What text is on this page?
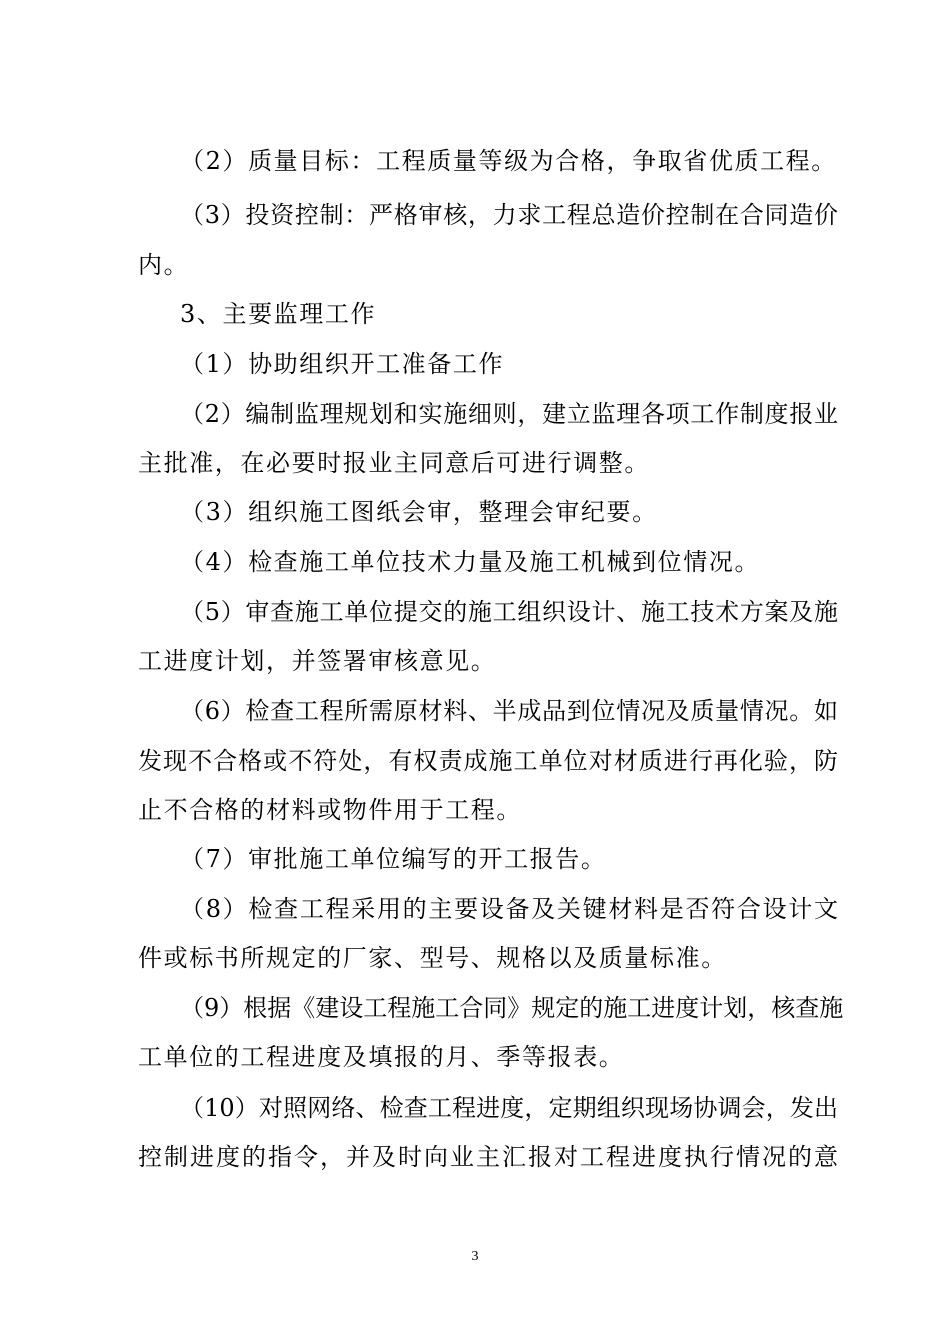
（2）质量目标：工程质量等级为合格，争取省优质工程。
（3）投资控制：严格审核，力求工程总造价控制在合同造价
内。
3、主要监理工作
（1）协助组织开工准备工作
（2）编制监理规划和实施细则，建立监理各项工作制度报业
主批准，在必要时报业主同意后可进行调整。
（3）组织施工图纸会审，整理会审纪要。
（4）检查施工单位技术力量及施工机械到位情况。
（5）审查施工单位提交的施工组织设计、施工技术方案及施
工进度计划，并签署审核意见。
（6）检查工程所需原材料、半成品到位情况及质量情况。如
发现不合格或不符处，有权责成施工单位对材质进行再化验，防
止不合格的材料或物件用于工程。
（7）审批施工单位编写的开工报告。
（8）检查工程采用的主要设备及关键材料是否符合设计文
件或标书所规定的厂家、型号、规格以及质量标准。
（9）根据《建设工程施工合同》规定的施工进度计划，核查施
工单位的工程进度及填报的月、季等报表。
（10）对照网络、检查工程进度，定期组织现场协调会，发出
控制进度的指令，并及时向业主汇报对工程进度执行情况的意
3
